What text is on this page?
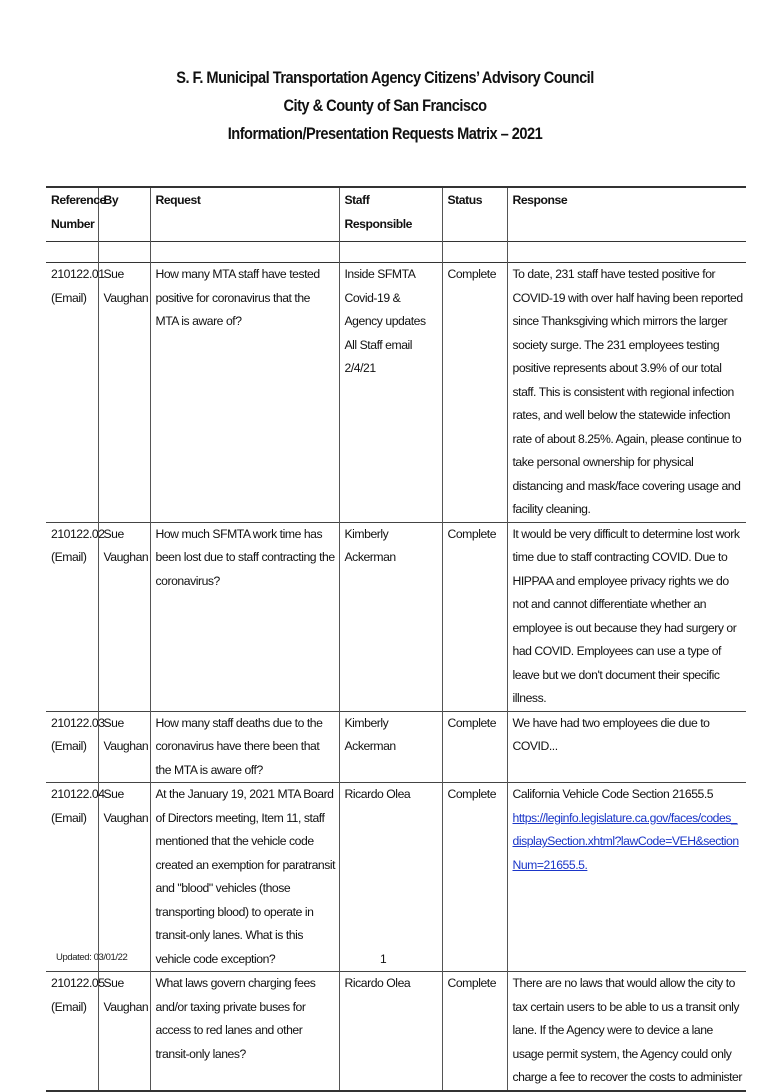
S. F. Municipal Transportation Agency Citizens’ Advisory Council
City & County of San Francisco
Information/Presentation Requests Matrix – 2021
Reference Number	By	Request	Staff Responsible	Status	Response

210122.01 (Email)	Sue Vaughan	How many MTA staff have tested positive for coronavirus that the MTA is aware of?	Inside SFMTA Covid-19 & Agency updates All Staff email 2/4/21	Complete	To date, 231 staff have tested positive for COVID-19 with over half having been reported since Thanksgiving which mirrors the larger society surge. The 231 employees testing positive represents about 3.9% of our total staff. This is consistent with regional infection rates, and well below the statewide infection rate of about 8.25%. Again, please continue to take personal ownership for physical distancing and mask/face covering usage and facility cleaning.
210122.02 (Email)	Sue Vaughan	How much SFMTA work time has been lost due to staff contracting the coronavirus?	Kimberly Ackerman	Complete	It would be very difficult to determine lost work time due to staff contracting COVID. Due to HIPPAA and employee privacy rights we do not and cannot differentiate whether an employee is out because they had surgery or had COVID. Employees can use a type of leave but we don't document their specific illness.
210122.03 (Email)	Sue Vaughan	How many staff deaths due to the coronavirus have there been that the MTA is aware off?	Kimberly Ackerman	Complete	We have had two employees die due to COVID...
210122.04 (Email)	Sue Vaughan	At the January 19, 2021 MTA Board of Directors meeting, Item 11, staff mentioned that the vehicle code created an exemption for paratransit and "blood" vehicles (those transporting blood) to operate in transit-only lanes. What is this vehicle code exception?	Ricardo Olea	Complete	California Vehicle Code Section 21655.5
https://leginfo.legislature.ca.gov/faces/codes_displaySection.xhtml?lawCode=VEH&sectionNum=21655.5.
210122.05 (Email)	Sue Vaughan	What laws govern charging fees and/or taxing private buses for access to red lanes and other transit-only lanes?	Ricardo Olea	Complete	There are no laws that would allow the city to tax certain users to be able to us a transit only lane. If the Agency were to device a lane usage permit system, the Agency could only charge a fee to recover the costs to administer
Updated: 03/01/22	1
